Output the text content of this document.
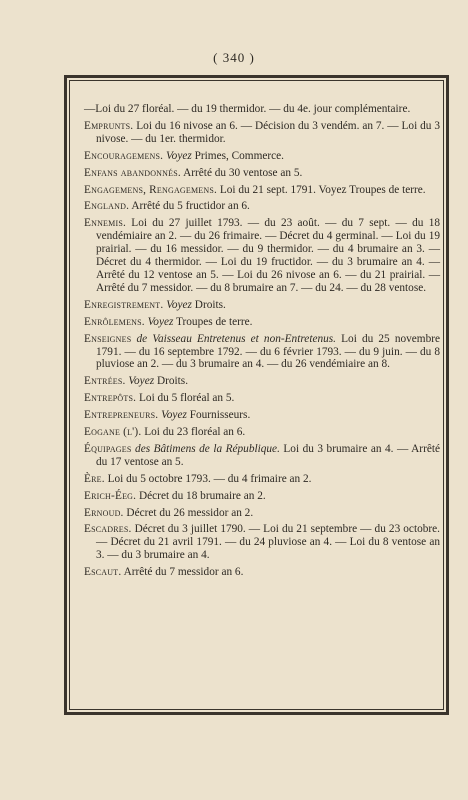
( 340 )

—Loi du 27 floréal. — du 19 thermidor. — du 4e. jour complémentaire.

Emprunts. Loi du 16 nivose an 6. — Décision du 3 vendém. an 7. — Loi du 3 nivose. — du 1er. thermidor.

Encouragemens. Voyez Primes, Commerce.

Enfans abandonnés. Arrêté du 30 ventose an 5.

Engagemens, Rengagemens. Loi du 21 sept. 1791. Voyez Troupes de terre.

England. Arrêté du 5 fructidor an 6.

Ennemis. Loi du 27 juillet 1793. — du 23 août. — du 7 sept. — du 18 vendémiaire an 2. — du 26 frimaire. — Décret du 4 germinal. — Loi du 19 prairial. — du 16 messidor. — du 9 thermidor. — du 4 brumaire an 3. — Décret du 4 thermidor. — Loi du 19 fructidor. — du 3 brumaire an 4. — Arrêté du 12 ventose an 5. — Loi du 26 nivose an 6. — du 21 prairial. — Arrêté du 7 messidor. — du 8 brumaire an 7. — du 24. — du 28 ventose.

Enregistrement. Voyez Droits.

Enrôlemens. Voyez Troupes de terre.

Enseignes de Vaisseau Entretenus et non-Entretenus. Loi du 25 novembre 1791. — du 16 septembre 1792. — du 6 février 1793. — du 9 juin. — du 8 pluviose an 2. — du 3 brumaire an 4. — du 26 vendémiaire an 8.

Entrées. Voyez Droits.

Entrepôts. Loi du 5 floréal an 5.

Entrepreneurs. Voyez Fournisseurs.

Eogane (l'). Loi du 23 floréal an 6.

Équipages des Bâtimens de la République. Loi du 3 brumaire an 4. — Arrêté du 17 ventose an 5.

Ère. Loi du 5 octobre 1793. — du 4 frimaire an 2.

Erich-Éeg. Décret du 18 brumaire an 2.

Ernoud. Décret du 26 messidor an 2.

Escadres. Décret du 3 juillet 1790. — Loi du 21 septembre — du 23 octobre. — Décret du 21 avril 1791. — du 24 pluviose an 4. — Loi du 8 ventose an 3. — du 3 brumaire an 4.

Escaut. Arrêté du 7 messidor an 6.
